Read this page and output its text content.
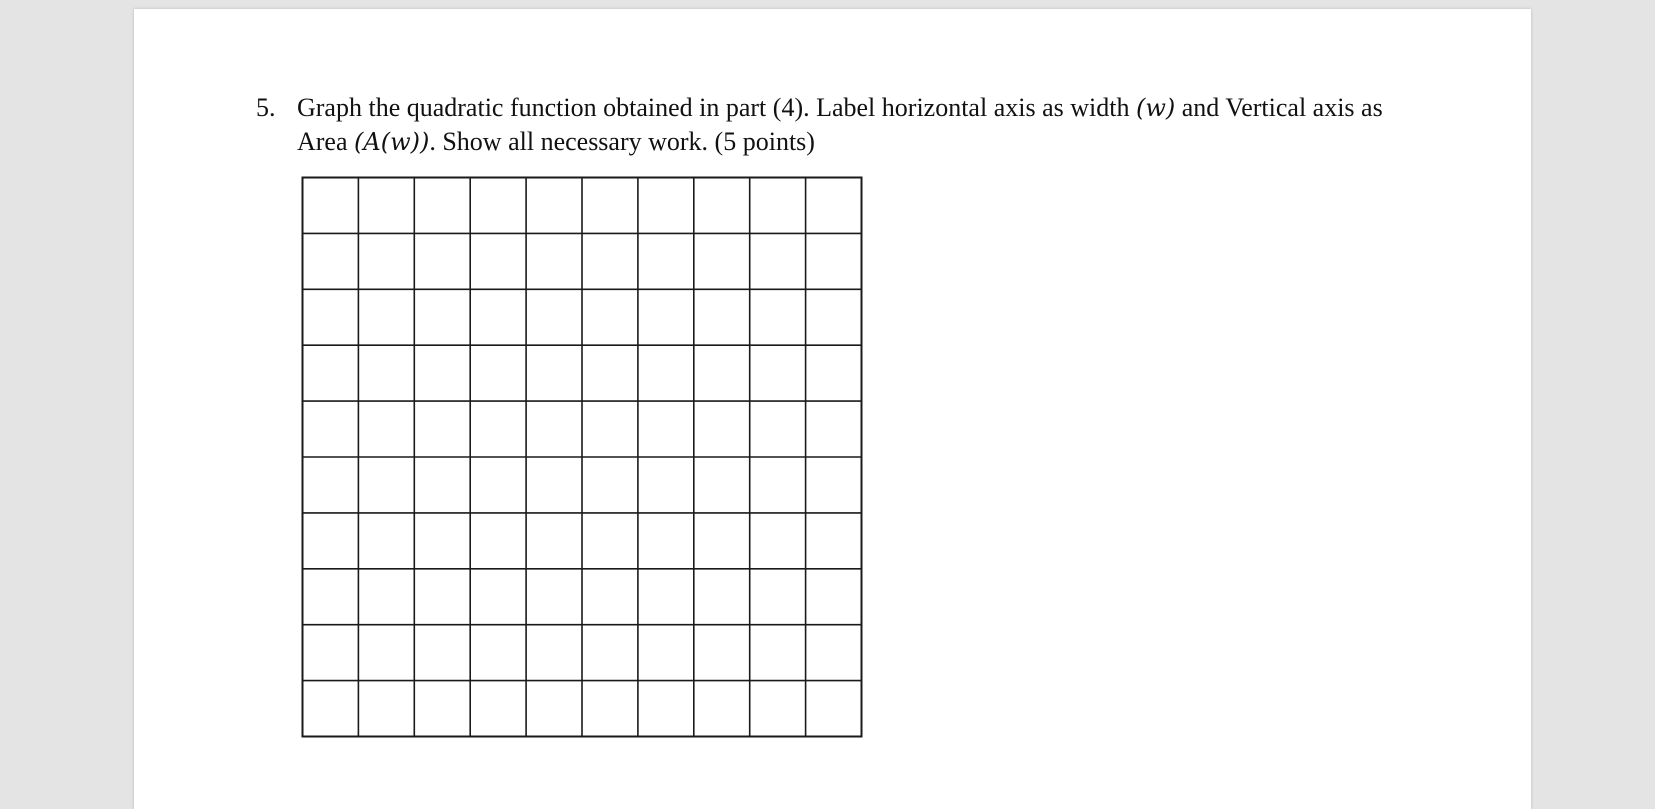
5. Graph the quadratic function obtained in part (4). Label horizontal axis as width (w) and Vertical axis as
Area (A(w)). Show all necessary work. (5 points)
